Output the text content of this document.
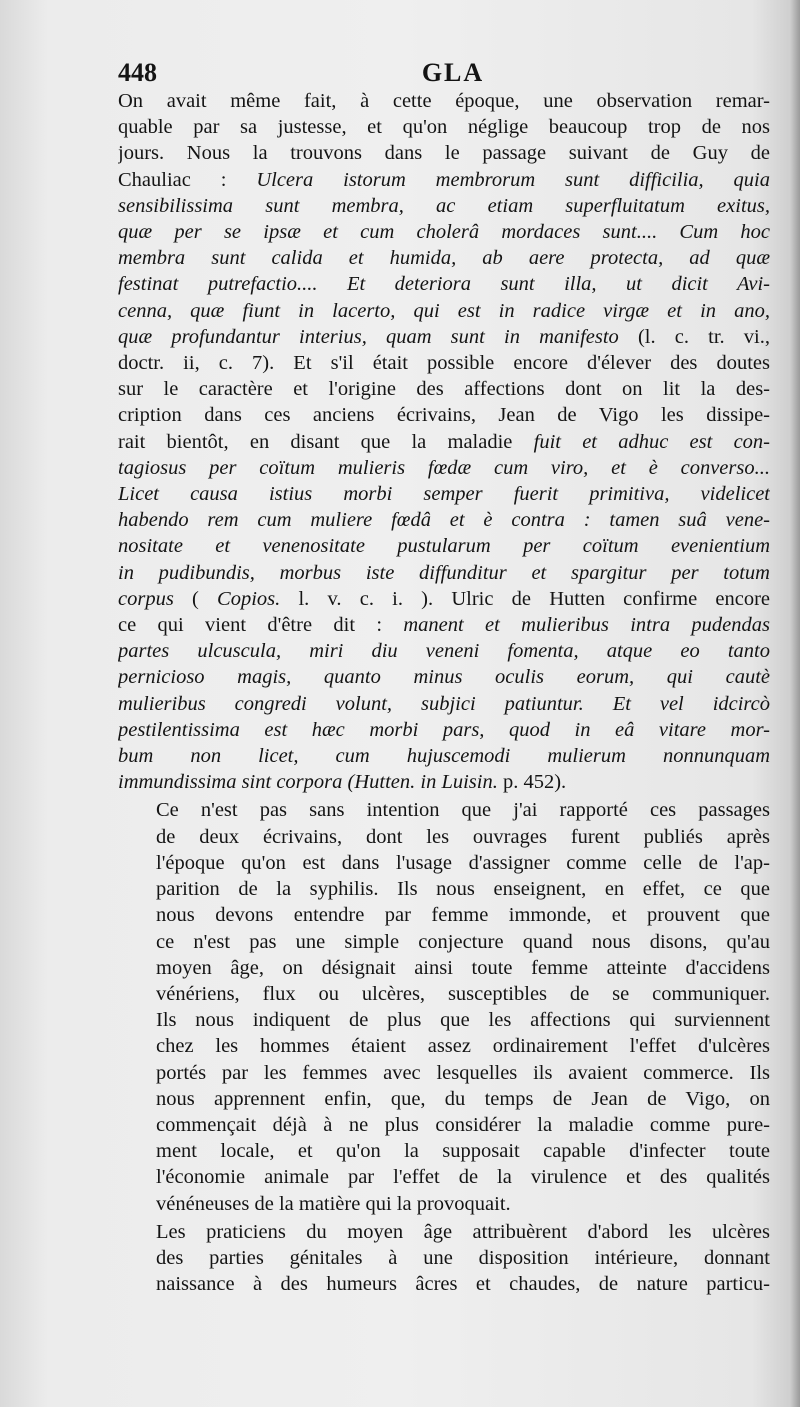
448	GLA
On avait même fait, à cette époque, une observation remar-
quable par sa justesse, et qu'on néglige beaucoup trop de nos
jours. Nous la trouvons dans le passage suivant de Guy de
Chauliac : Ulcera istorum membrorum sunt difficilia, quia
sensibilissima sunt membra, ac etiam superfluitatum exitus,
quæ per se ipsæ et cum cholerâ mordaces sunt.... Cum hoc
membra sunt calida et humida, ab aere protecta, ad quæ
festinat putrefactio.... Et deteriora sunt illa, ut dicit Avi-
cenna, quæ fiunt in lacerto, qui est in radice virgæ et in ano,
quæ profundantur interius, quam sunt in manifesto (l. c. tr. vi.,
doctr. ii, c. 7). Et s'il était possible encore d'élever des doutes
sur le caractère et l'origine des affections dont on lit la des-
cription dans ces anciens écrivains, Jean de Vigo les dissipe-
rait bientôt, en disant que la maladie fuit et adhuc est con-
tagiosus per coïtum mulieris fœdæ cum viro, et è converso...
Licet causa istius morbi semper fuerit primitiva, videlicet
habendo rem cum muliere fœdâ et è contra : tamen suâ vene-
nositate et venenositate pustularum per coïtum evenientium
in pudibundis, morbus iste diffunditur et spargitur per totum
corpus ( Copios. l. v. c. i. ). Ulric de Hutten confirme encore
ce qui vient d'être dit : manent et mulieribus intra pudendas
partes ulcuscula, miri diu veneni fomenta, atque eo tanto
pernicioso magis, quanto minus oculis eorum, qui cautè
mulieribus congredi volunt, subjici patiuntur. Et vel idcircò
pestilentissima est hæc morbi pars, quod in eâ vitare mor-
bum non licet, cum hujuscemodi mulierum nonnunquam
immundissima sint corpora (Hutten. in Luisin. p. 452).
Ce n'est pas sans intention que j'ai rapporté ces passages
de deux écrivains, dont les ouvrages furent publiés après
l'époque qu'on est dans l'usage d'assigner comme celle de l'ap-
parition de la syphilis. Ils nous enseignent, en effet, ce que
nous devons entendre par femme immonde, et prouvent que
ce n'est pas une simple conjecture quand nous disons, qu'au
moyen âge, on désignait ainsi toute femme atteinte d'accidens
vénériens, flux ou ulcères, susceptibles de se communiquer.
Ils nous indiquent de plus que les affections qui surviennent
chez les hommes étaient assez ordinairement l'effet d'ulcères
portés par les femmes avec lesquelles ils avaient commerce. Ils
nous apprennent enfin, que, du temps de Jean de Vigo, on
commençait déjà à ne plus considérer la maladie comme pure-
ment locale, et qu'on la supposait capable d'infecter toute
l'économie animale par l'effet de la virulence et des qualités
vénéneuses de la matière qui la provoquait.
Les praticiens du moyen âge attribuèrent d'abord les ulcères
des parties génitales à une disposition intérieure, donnant
naissance à des humeurs âcres et chaudes, de nature particu-
